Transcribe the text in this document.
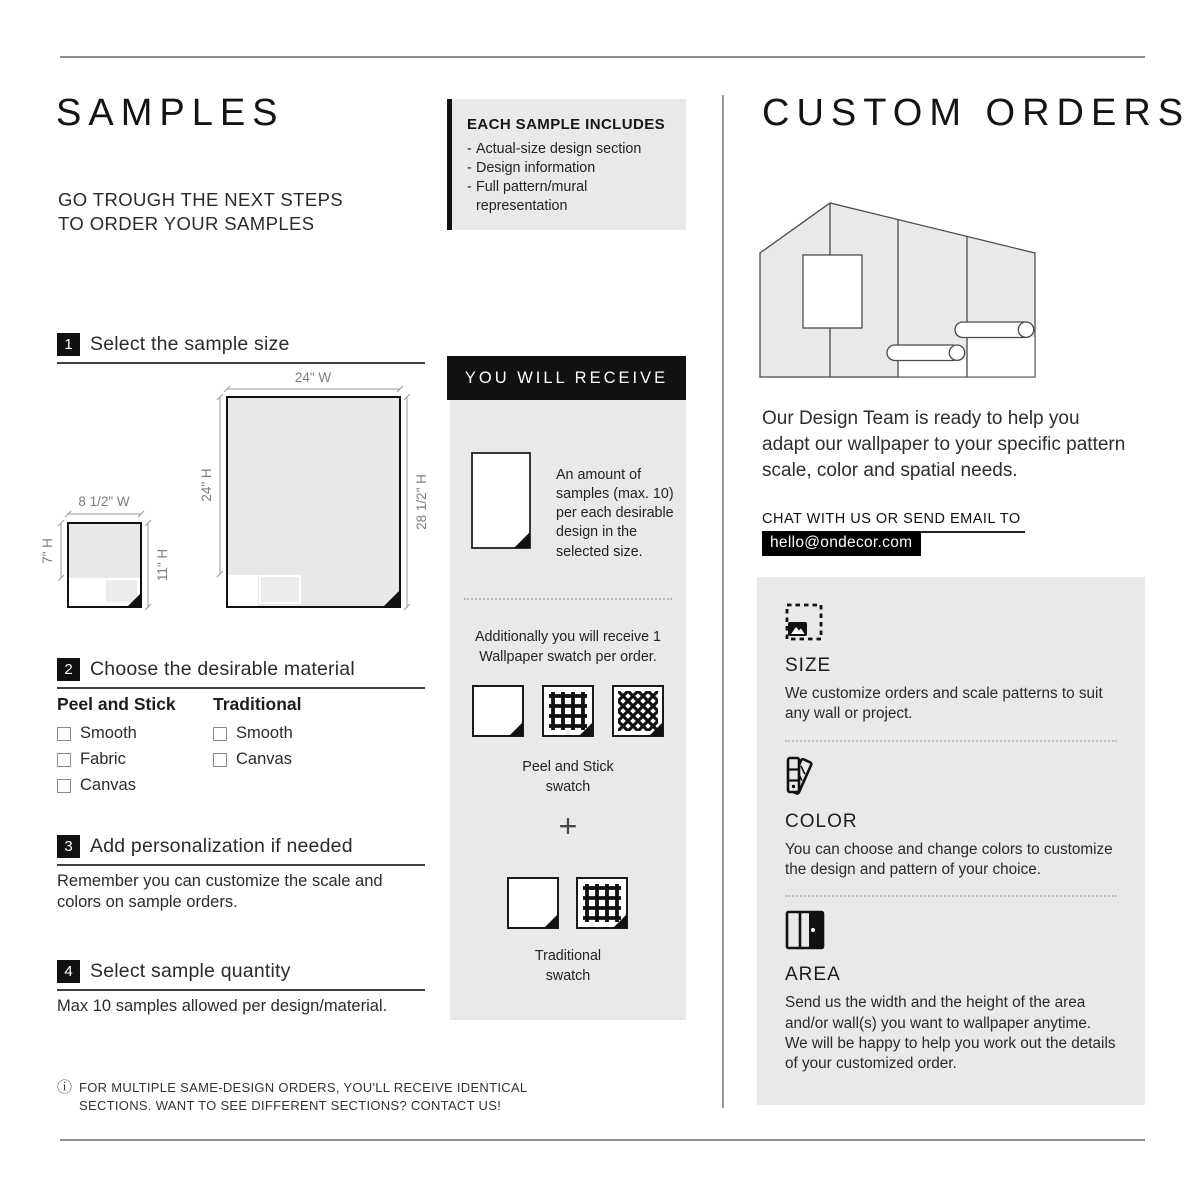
SAMPLES
GO TROUGH THE NEXT STEPS
TO ORDER YOUR SAMPLES
1 Select the sample size
8 1/2" W
7" H	11" H
24" W
24" H	28 1/2" H
2 Choose the desirable material
Peel and Stick
Smooth
Fabric
Canvas
Traditional
Smooth
Canvas
3 Add personalization if needed
Remember you can customize the scale and colors on sample orders.
4 Select sample quantity
Max 10 samples allowed per design/material.
ⓘ FOR MULTIPLE SAME-DESIGN ORDERS, YOU'LL RECEIVE IDENTICAL
SECTIONS. WANT TO SEE DIFFERENT SECTIONS? CONTACT US!
EACH SAMPLE INCLUDES
- Actual-size design section
- Design information
- Full pattern/mural representation
YOU WILL RECEIVE
An amount of samples (max. 10) per each desirable design in the selected size.
Additionally you will receive 1 Wallpaper swatch per order.
Peel and Stick
swatch
+
Traditional
swatch
CUSTOM ORDERS
Our Design Team is ready to help you adapt our wallpaper to your specific pattern scale, color and spatial needs.
CHAT WITH US OR SEND EMAIL TO
hello@ondecor.com
SIZE

We customize orders and scale patterns to suit any wall or project.

COLOR

You can choose and change colors to customize the design and pattern of your choice.

AREA

Send us the width and the height of the area and/or wall(s) you want to wallpaper anytime. We will be happy to help you work out the details of your customized order.
